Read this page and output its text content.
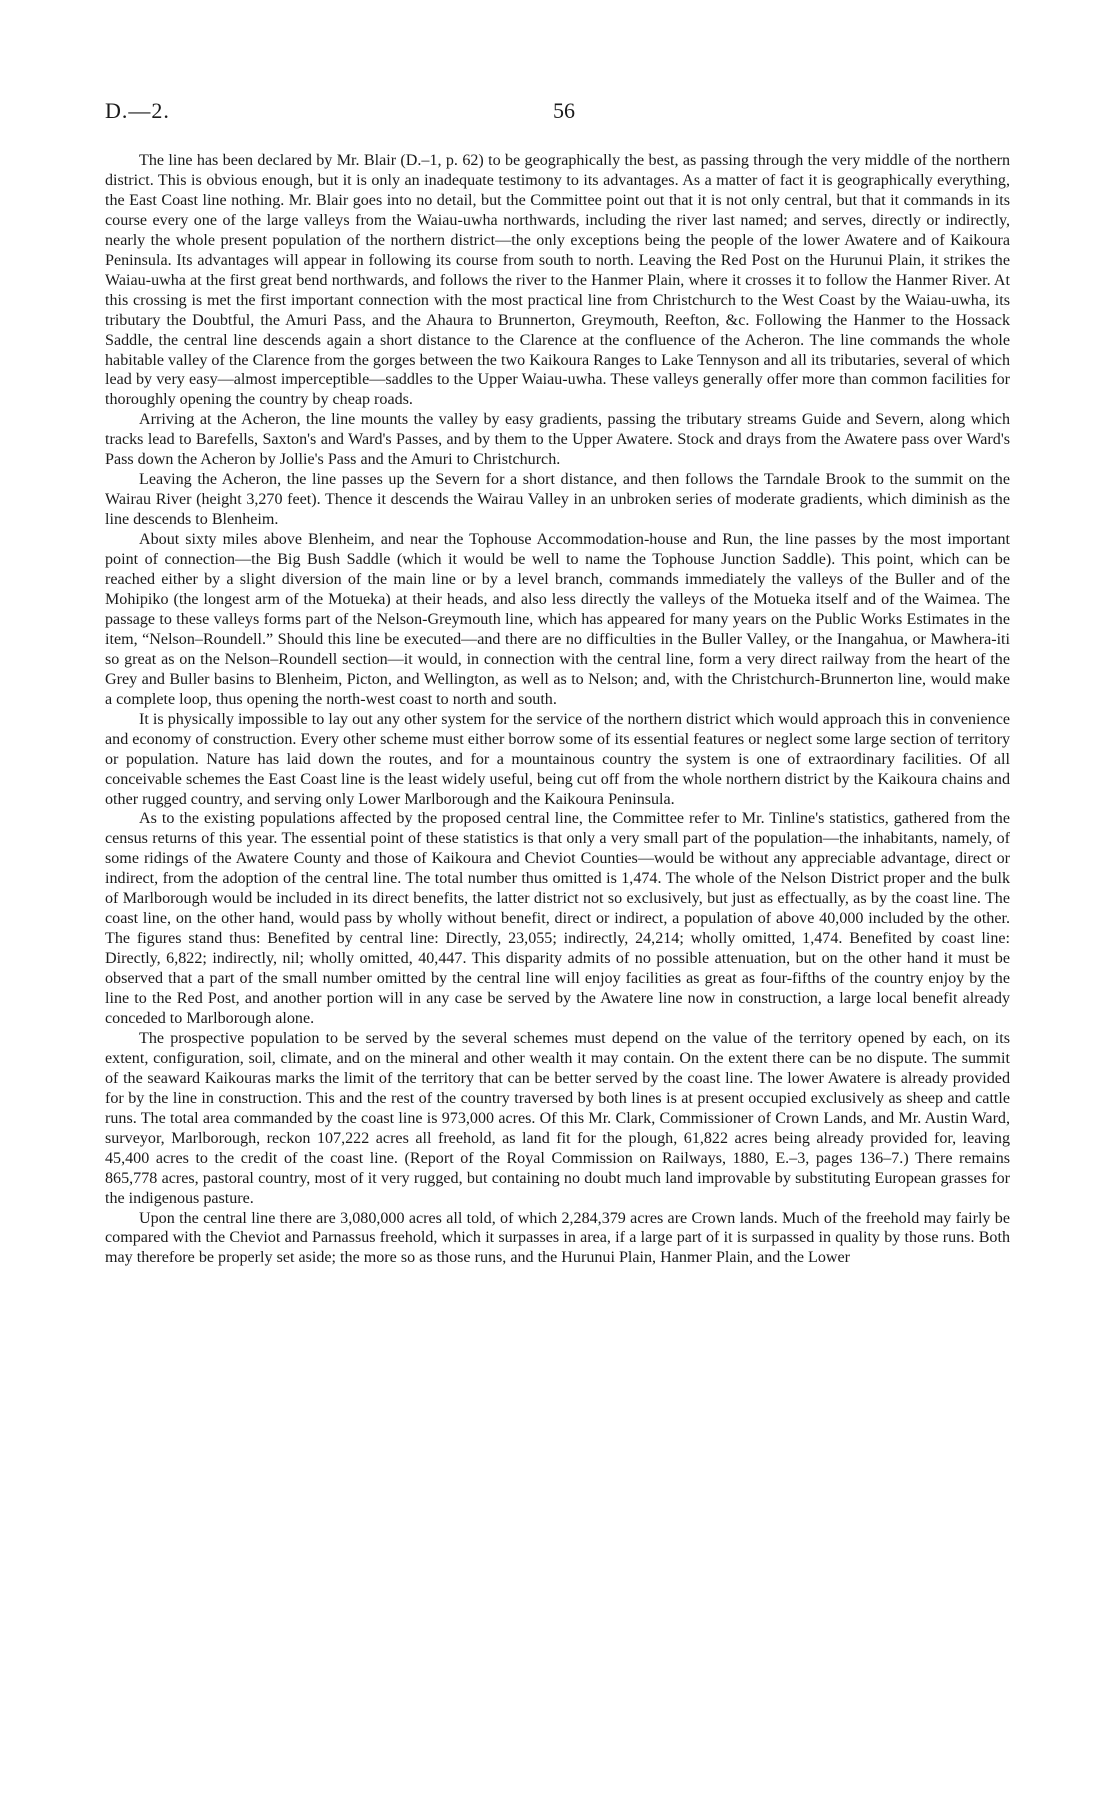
D.—2.	56

The line has been declared by Mr. Blair (D.–1, p. 62) to be geographically the best, as passing through the very middle of the northern district. This is obvious enough, but it is only an inadequate testimony to its advantages. As a matter of fact it is geographically everything, the East Coast line nothing. Mr. Blair goes into no detail, but the Committee point out that it is not only central, but that it commands in its course every one of the large valleys from the Waiau-uwha northwards, including the river last named; and serves, directly or indirectly, nearly the whole present population of the northern district—the only exceptions being the people of the lower Awatere and of Kaikoura Peninsula. Its advantages will appear in following its course from south to north. Leaving the Red Post on the Hurunui Plain, it strikes the Waiau-uwha at the first great bend northwards, and follows the river to the Hanmer Plain, where it crosses it to follow the Hanmer River. At this crossing is met the first important connection with the most practical line from Christchurch to the West Coast by the Waiau-uwha, its tributary the Doubtful, the Amuri Pass, and the Ahaura to Brunnerton, Greymouth, Reefton, &c. Following the Hanmer to the Hossack Saddle, the central line descends again a short distance to the Clarence at the confluence of the Acheron. The line commands the whole habitable valley of the Clarence from the gorges between the two Kaikoura Ranges to Lake Tennyson and all its tributaries, several of which lead by very easy—almost imperceptible—saddles to the Upper Waiau-uwha. These valleys generally offer more than common facilities for thoroughly opening the country by cheap roads.

Arriving at the Acheron, the line mounts the valley by easy gradients, passing the tributary streams Guide and Severn, along which tracks lead to Barefells, Saxton's and Ward's Passes, and by them to the Upper Awatere. Stock and drays from the Awatere pass over Ward's Pass down the Acheron by Jollie's Pass and the Amuri to Christchurch.

Leaving the Acheron, the line passes up the Severn for a short distance, and then follows the Tarndale Brook to the summit on the Wairau River (height 3,270 feet). Thence it descends the Wairau Valley in an unbroken series of moderate gradients, which diminish as the line descends to Blenheim.

About sixty miles above Blenheim, and near the Tophouse Accommodation-house and Run, the line passes by the most important point of connection—the Big Bush Saddle (which it would be well to name the Tophouse Junction Saddle). This point, which can be reached either by a slight diversion of the main line or by a level branch, commands immediately the valleys of the Buller and of the Mohipiko (the longest arm of the Motueka) at their heads, and also less directly the valleys of the Motueka itself and of the Waimea. The passage to these valleys forms part of the Nelson-Greymouth line, which has appeared for many years on the Public Works Estimates in the item, “Nelson–Roundell.” Should this line be executed—and there are no difficulties in the Buller Valley, or the Inangahua, or Mawhera-iti so great as on the Nelson–Roundell section—it would, in connection with the central line, form a very direct railway from the heart of the Grey and Buller basins to Blenheim, Picton, and Wellington, as well as to Nelson; and, with the Christchurch-Brunnerton line, would make a complete loop, thus opening the north-west coast to north and south.

It is physically impossible to lay out any other system for the service of the northern district which would approach this in convenience and economy of construction. Every other scheme must either borrow some of its essential features or neglect some large section of territory or population. Nature has laid down the routes, and for a mountainous country the system is one of extraordinary facilities. Of all conceivable schemes the East Coast line is the least widely useful, being cut off from the whole northern district by the Kaikoura chains and other rugged country, and serving only Lower Marlborough and the Kaikoura Peninsula.

As to the existing populations affected by the proposed central line, the Committee refer to Mr. Tinline's statistics, gathered from the census returns of this year. The essential point of these statistics is that only a very small part of the population—the inhabitants, namely, of some ridings of the Awatere County and those of Kaikoura and Cheviot Counties—would be without any appreciable advantage, direct or indirect, from the adoption of the central line. The total number thus omitted is 1,474. The whole of the Nelson District proper and the bulk of Marlborough would be included in its direct benefits, the latter district not so exclusively, but just as effectually, as by the coast line. The coast line, on the other hand, would pass by wholly without benefit, direct or indirect, a population of above 40,000 included by the other. The figures stand thus: Benefited by central line: Directly, 23,055; indirectly, 24,214; wholly omitted, 1,474. Benefited by coast line: Directly, 6,822; indirectly, nil; wholly omitted, 40,447. This disparity admits of no possible attenuation, but on the other hand it must be observed that a part of the small number omitted by the central line will enjoy facilities as great as four-fifths of the country enjoy by the line to the Red Post, and another portion will in any case be served by the Awatere line now in construction, a large local benefit already conceded to Marlborough alone.

The prospective population to be served by the several schemes must depend on the value of the territory opened by each, on its extent, configuration, soil, climate, and on the mineral and other wealth it may contain. On the extent there can be no dispute. The summit of the seaward Kaikouras marks the limit of the territory that can be better served by the coast line. The lower Awatere is already provided for by the line in construction. This and the rest of the country traversed by both lines is at present occupied exclusively as sheep and cattle runs. The total area commanded by the coast line is 973,000 acres. Of this Mr. Clark, Commissioner of Crown Lands, and Mr. Austin Ward, surveyor, Marlborough, reckon 107,222 acres all freehold, as land fit for the plough, 61,822 acres being already provided for, leaving 45,400 acres to the credit of the coast line. (Report of the Royal Commission on Railways, 1880, E.–3, pages 136–7.) There remains 865,778 acres, pastoral country, most of it very rugged, but containing no doubt much land improvable by substituting European grasses for the indigenous pasture.

Upon the central line there are 3,080,000 acres all told, of which 2,284,379 acres are Crown lands. Much of the freehold may fairly be compared with the Cheviot and Parnassus freehold, which it surpasses in area, if a large part of it is surpassed in quality by those runs. Both may therefore be properly set aside; the more so as those runs, and the Hurunui Plain, Hanmer Plain, and the Lower
